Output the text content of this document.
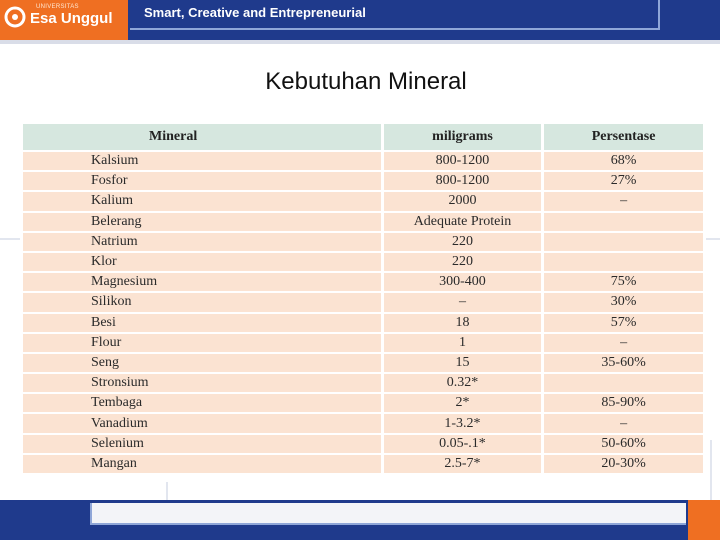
UNIVERSITAS
Esa Unggul Smart, Creative and Entrepreneurial
Kebutuhan Mineral
Mineral	miligrams	Persentase
Kalsium	800-1200	68%
Fosfor	800-1200	27%
Kalium	2000	–
Belerang	Adequate Protein	
Natrium	220	
Klor	220	
Magnesium	300-400	75%
Silikon	–	30%
Besi	18	57%
Flour	1	–
Seng	15	35-60%
Stronsium	0.32*	
Tembaga	2*	85-90%
Vanadium	1-3.2*	–
Selenium	0.05-.1*	50-60%
Mangan	2.5-7*	20-30%
